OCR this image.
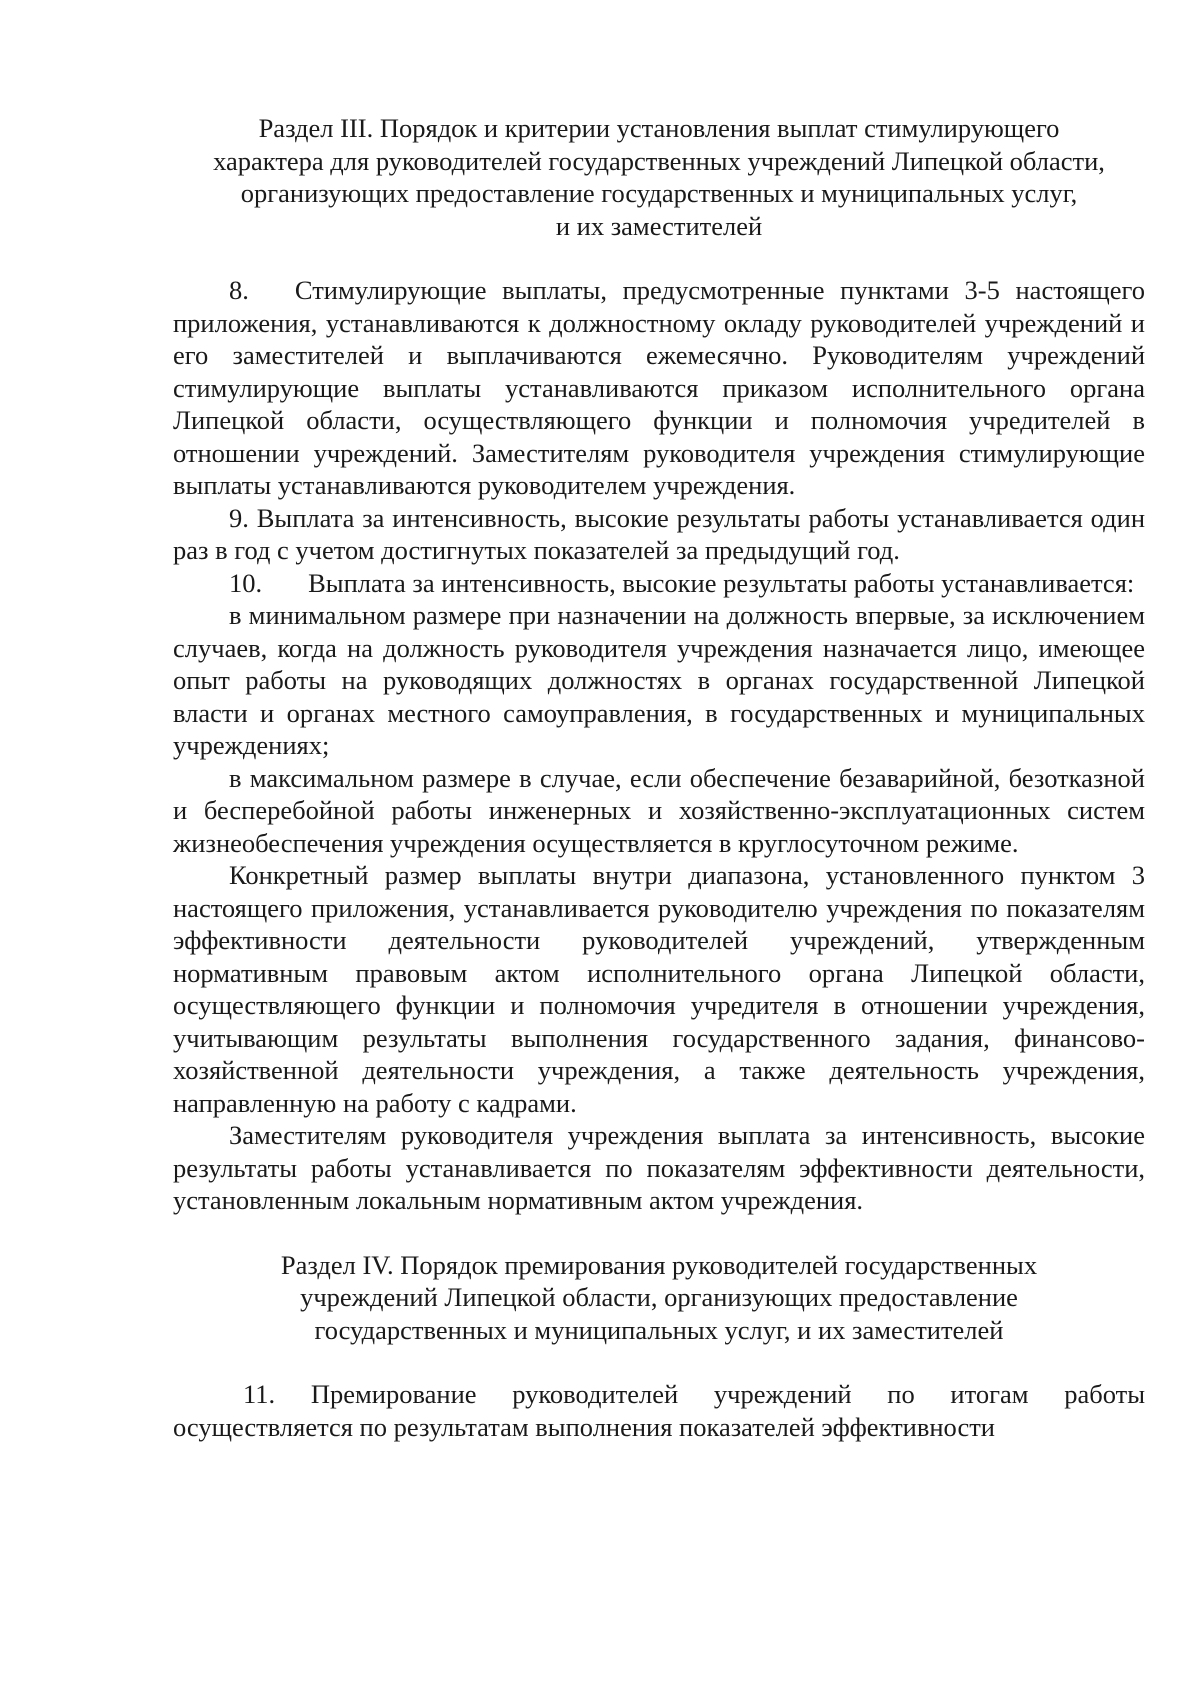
Раздел III. Порядок и критерии установления выплат стимулирующего
характера для руководителей государственных учреждений Липецкой области,
организующих предоставление государственных и муниципальных услуг,
и их заместителей

8. Стимулирующие выплаты, предусмотренные пунктами 3-5 настоящего приложения, устанавливаются к должностному окладу руководителей учреждений и его заместителей и выплачиваются ежемесячно. Руководителям учреждений стимулирующие выплаты устанавливаются приказом исполнительного органа Липецкой области, осуществляющего функции и полномочия учредителей в отношении учреждений. Заместителям руководителя учреждения стимулирующие выплаты устанавливаются руководителем учреждения.

9. Выплата за интенсивность, высокие результаты работы устанавливается один раз в год с учетом достигнутых показателей за предыдущий год.

10. Выплата за интенсивность, высокие результаты работы устанавливается:

в минимальном размере при назначении на должность впервые, за исключением случаев, когда на должность руководителя учреждения назначается лицо, имеющее опыт работы на руководящих должностях в органах государственной Липецкой власти и органах местного самоуправления, в государственных и муниципальных учреждениях;

в максимальном размере в случае, если обеспечение безаварийной, безотказной и бесперебойной работы инженерных и хозяйственно-эксплуатационных систем жизнеобеспечения учреждения осуществляется в круглосуточном режиме.

Конкретный размер выплаты внутри диапазона, установленного пунктом 3 настоящего приложения, устанавливается руководителю учреждения по показателям эффективности деятельности руководителей учреждений, утвержденным нормативным правовым актом исполнительного органа Липецкой области, осуществляющего функции и полномочия учредителя в отношении учреждения, учитывающим результаты выполнения государственного задания, финансово-хозяйственной деятельности учреждения, а также деятельность учреждения, направленную на работу с кадрами.

Заместителям руководителя учреждения выплата за интенсивность, высокие результаты работы устанавливается по показателям эффективности деятельности, установленным локальным нормативным актом учреждения.

Раздел IV. Порядок премирования руководителей государственных
учреждений Липецкой области, организующих предоставление
государственных и муниципальных услуг, и их заместителей

11. Премирование руководителей учреждений по итогам работы осуществляется по результатам выполнения показателей эффективности
